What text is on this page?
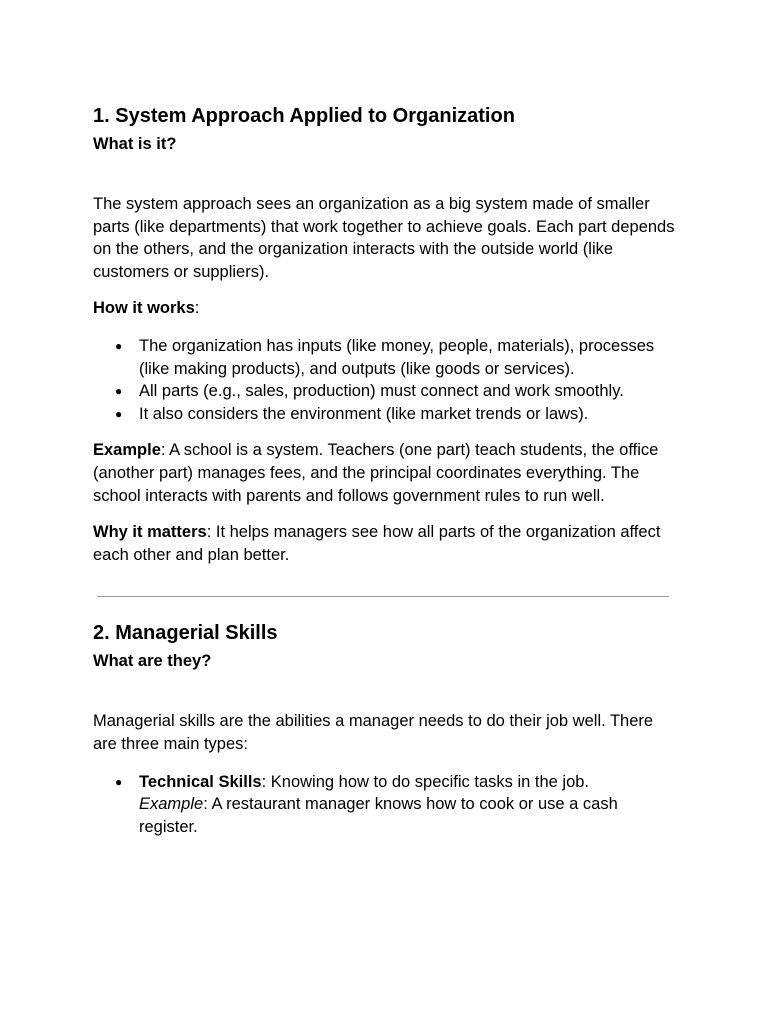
1. System Approach Applied to Organization
What is it?

The system approach sees an organization as a big system made of smaller parts (like departments) that work together to achieve goals. Each part depends on the others, and the organization interacts with the outside world (like customers or suppliers).

How it works:

● The organization has inputs (like money, people, materials), processes (like making products), and outputs (like goods or services).
● All parts (e.g., sales, production) must connect and work smoothly.
● It also considers the environment (like market trends or laws).

Example: A school is a system. Teachers (one part) teach students, the office (another part) manages fees, and the principal coordinates everything. The school interacts with parents and follows government rules to run well.

Why it matters: It helps managers see how all parts of the organization affect each other and plan better.

2. Managerial Skills
What are they?

Managerial skills are the abilities a manager needs to do their job well. There are three main types:

● Technical Skills: Knowing how to do specific tasks in the job.
Example: A restaurant manager knows how to cook or use a cash register.
